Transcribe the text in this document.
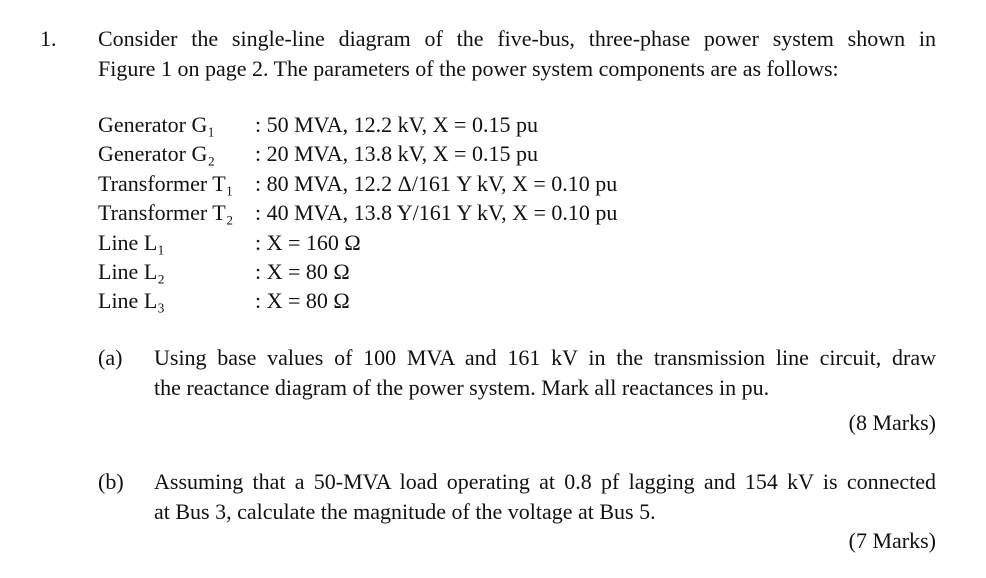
1. Consider the single-line diagram of the five-bus, three-phase power system shown in
Figure 1 on page 2. The parameters of the power system components are as follows:
Generator G₁ : 50 MVA, 12.2 kV, X = 0.15 pu
Generator G₂ : 20 MVA, 13.8 kV, X = 0.15 pu
Transformer T₁ : 80 MVA, 12.2 Δ/161 Y kV, X = 0.10 pu
Transformer T₂ : 40 MVA, 13.8 Y/161 Y kV, X = 0.10 pu
Line L₁	: X = 160 Ω
Line L₂	: X = 80 Ω
Line L₃	: X = 80 Ω
(a) Using base values of 100 MVA and 161 kV in the transmission line circuit, draw
the reactance diagram of the power system. Mark all reactances in pu.
(8 Marks)
(b) Assuming that a 50-MVA load operating at 0.8 pf lagging and 154 kV is connected
at Bus 3, calculate the magnitude of the voltage at Bus 5.
(7 Marks)
